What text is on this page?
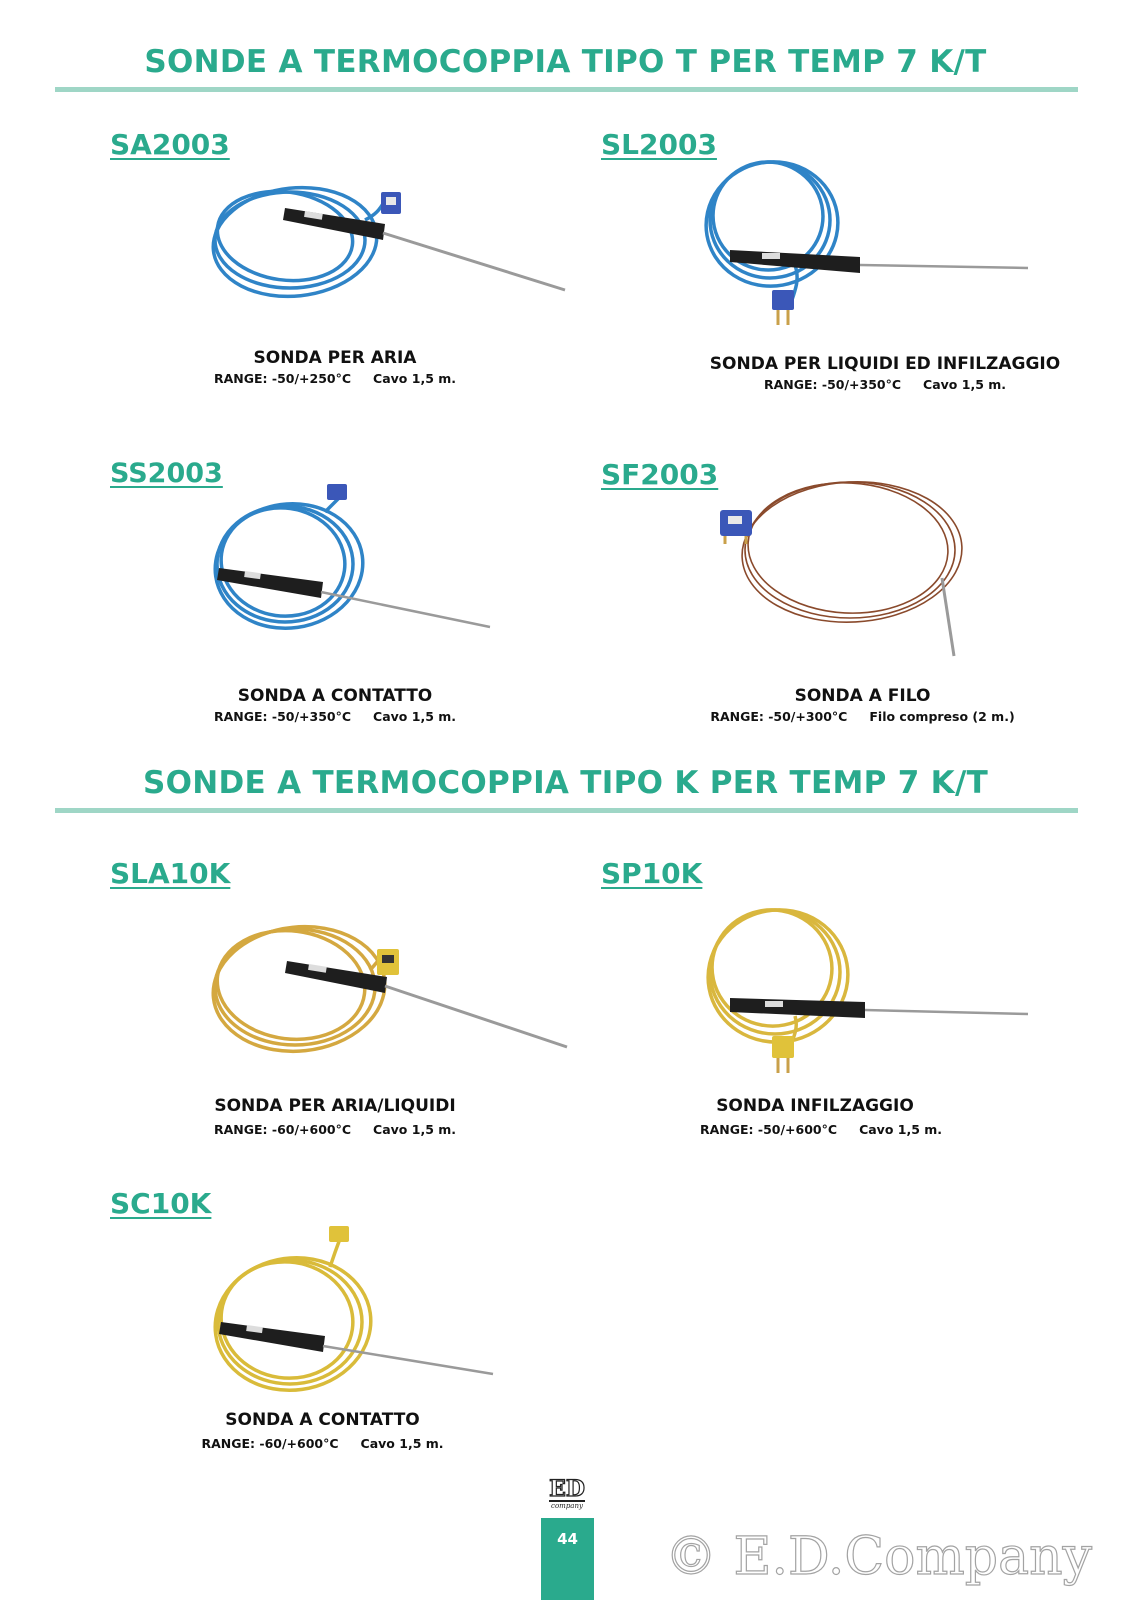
SONDE A TERMOCOPPIA TIPO T PER TEMP 7 K/T
SA2003
SONDA PER ARIA
RANGE: -50/+250°C Cavo 1,5 m.
SL2003
SONDA PER LIQUIDI ED INFILZAGGIO
RANGE: -50/+350°C Cavo 1,5 m.
SS2003
SONDA A CONTATTO
RANGE: -50/+350°C Cavo 1,5 m.
SF2003
SONDA A FILO
RANGE: -50/+300°C Filo compreso (2 m.)
SONDE A TERMOCOPPIA TIPO K PER TEMP 7 K/T
SLA10K
SONDA PER ARIA/LIQUIDI
RANGE: -60/+600°C Cavo 1,5 m.
SP10K
SONDA INFILZAGGIO
RANGE: -50/+600°C Cavo 1,5 m.
SC10K
SONDA A CONTATTO
RANGE: -60/+600°C Cavo 1,5 m.
ED
company
44	© E.D.Company
